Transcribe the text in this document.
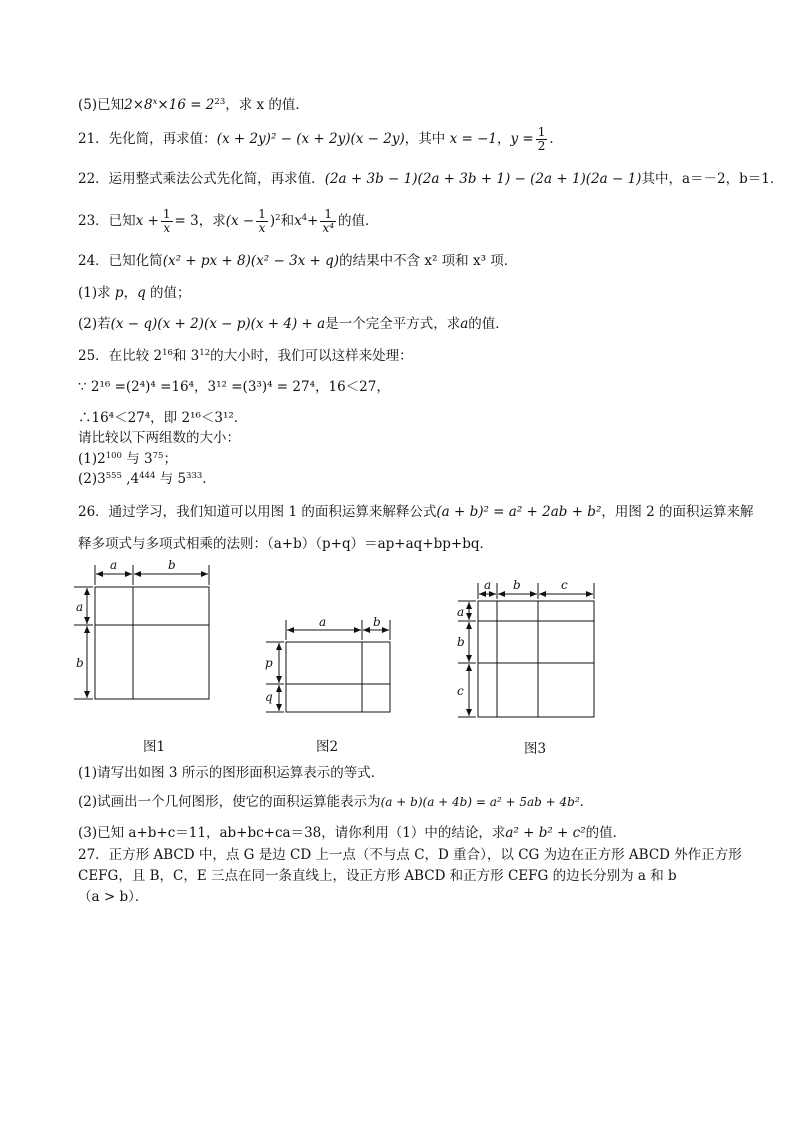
(5)已知$2\times 8^x\times 16 = 2^{23}$，求 x 的值．
21．先化简，再求值：(x + 2y)² − (x + 2y)(x − 2y)，其中 x = −1，$y = \frac{1}{2}$ ．
22．运用整式乘法公式先化简，再求值．(2a + 3b − 1)(2a + 3b + 1) − (2a + 1)(2a − 1)其中，a＝－2，b＝1．
23．已知$x + \frac{1}{x} = 3$，求$(x - \frac{1}{x} )^2$和$x^4+ \frac{1}{\text{x⁴}}$ 的值．
24．已知化简(x² + px + 8)(x² − 3x + q)的结果中不含 x² 项和 x³ 项．
(1)求 p，q 的值；
(2)若(x − q)(x + 2)(x − p)(x + 4) + a是一个完全平方式，求a的值．
25．在比较 $2^{16}$和 $3^{12}$的大小时，我们可以这样来处理：
∵ 2¹⁶ =(2⁴)⁴ =16⁴，3¹² =(3³)⁴ = 27⁴，16＜27，
∴16⁴＜27⁴，即 2¹⁶＜3¹²．
请比较以下两组数的大小：
$(1)2^{100}$ 与 $3^{75}$；
$(2)3^{555}$ $,4^{444}$ 与 $5^{333}$．
26．通过学习，我们知道可以用图 1 的面积运算来解释公式(a + b)² = a² + 2ab + b²，用图 2 的面积运算来解
释多项式与多项式相乘的法则：（a+b）（p+q）＝ap+aq+bp+bq．
a	b
a
b
a	b
p
q
a b	c
a
b
c
图1	图2	图3
(1)请写出如图 3 所示的图形面积运算表示的等式．
(2)试画出一个几何图形，使它的面积运算能表示为(a + b)(a + 4b) = a² + 5ab + 4b²．
(3)已知 a+b+c＝11，ab+bc+ca＝38，请你利用（1）中的结论，求a² + b² + c²的值．
27．正方形 ABCD 中，点 G 是边 CD 上一点（不与点 C，D 重合），以 CG 为边在正方形 ABCD 外作正方形
CEFG，且 B，C，E 三点在同一条直线上，设正方形 ABCD 和正方形 CEFG 的边长分别为 a 和 b
（a > b）．
